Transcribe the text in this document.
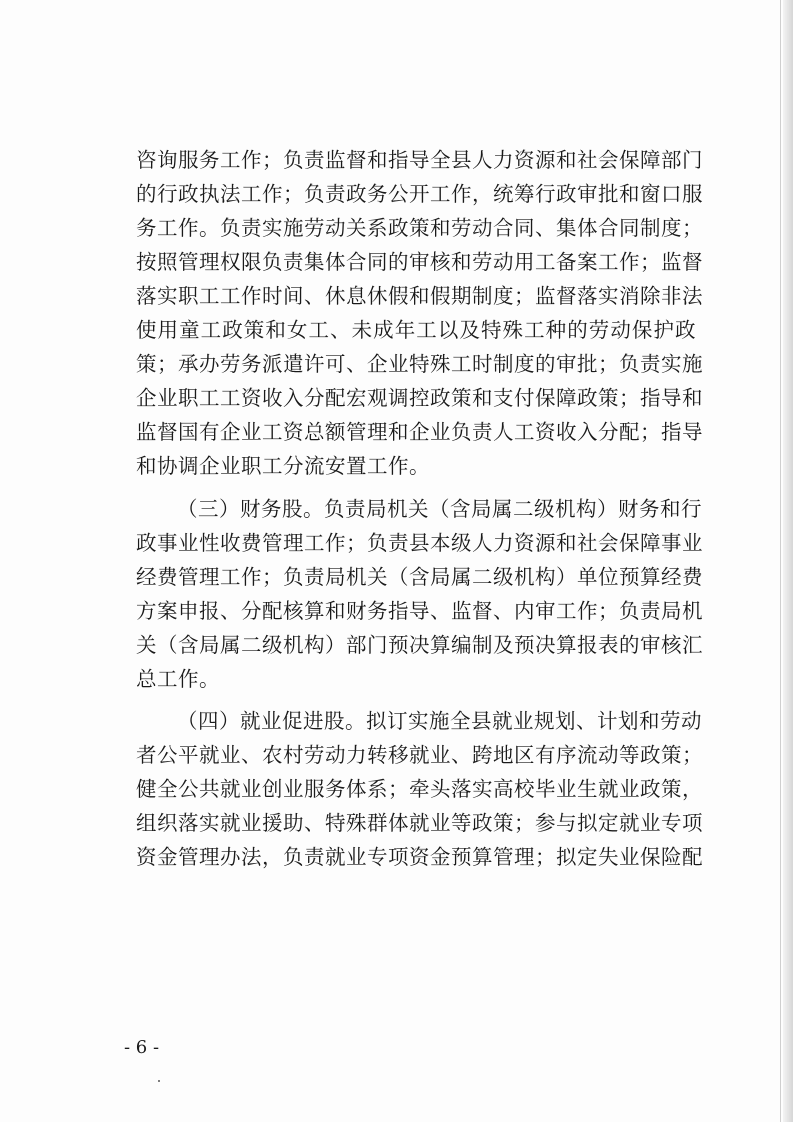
咨询服务工作；负责监督和指导全县人力资源和社会保障部门
的行政执法工作；负责政务公开工作，统筹行政审批和窗口服
务工作。负责实施劳动关系政策和劳动合同、集体合同制度；
按照管理权限负责集体合同的审核和劳动用工备案工作；监督
落实职工工作时间、休息休假和假期制度；监督落实消除非法
使用童工政策和女工、未成年工以及特殊工种的劳动保护政
策；承办劳务派遣许可、企业特殊工时制度的审批；负责实施
企业职工工资收入分配宏观调控政策和支付保障政策；指导和
监督国有企业工资总额管理和企业负责人工资收入分配；指导
和协调企业职工分流安置工作。
（三）财务股。负责局机关（含局属二级机构）财务和行
政事业性收费管理工作；负责县本级人力资源和社会保障事业
经费管理工作；负责局机关（含局属二级机构）单位预算经费
方案申报、分配核算和财务指导、监督、内审工作；负责局机
关（含局属二级机构）部门预决算编制及预决算报表的审核汇
总工作。
（四）就业促进股。拟订实施全县就业规划、计划和劳动
者公平就业、农村劳动力转移就业、跨地区有序流动等政策；
健全公共就业创业服务体系；牵头落实高校毕业生就业政策，
组织落实就业援助、特殊群体就业等政策；参与拟定就业专项
资金管理办法，负责就业专项资金预算管理；拟定失业保险配
- 6 -
